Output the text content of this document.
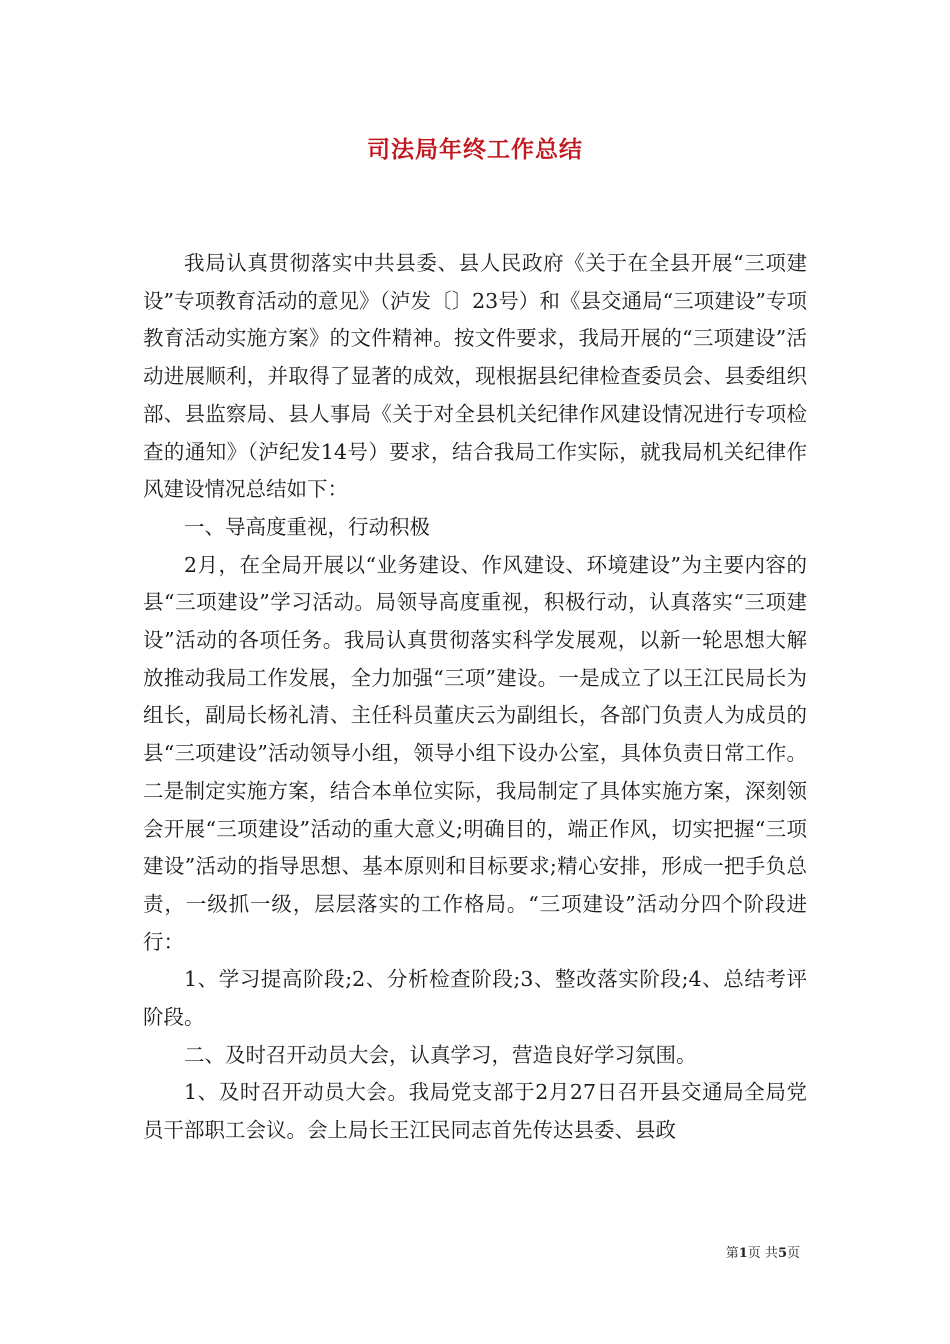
司法局年终工作总结

我局认真贯彻落实中共县委、县人民政府《关于在全县开展“三项建设”专项教育活动的意见》（泸发〔〕23号）和《县交通局“三项建设”专项教育活动实施方案》的文件精神。按文件要求，我局开展的“三项建设”活动进展顺利，并取得了显著的成效，现根据县纪律检查委员会、县委组织部、县监察局、县人事局《关于对全县机关纪律作风建设情况进行专项检查的通知》（泸纪发14号）要求，结合我局工作实际，就我局机关纪律作风建设情况总结如下：

一、导高度重视，行动积极

2月，在全局开展以“业务建设、作风建设、环境建设”为主要内容的县“三项建设”学习活动。局领导高度重视，积极行动，认真落实“三项建设”活动的各项任务。我局认真贯彻落实科学发展观，以新一轮思想大解放推动我局工作发展，全力加强“三项”建设。一是成立了以王江民局长为组长，副局长杨礼清、主任科员董庆云为副组长，各部门负责人为成员的县“三项建设”活动领导小组，领导小组下设办公室，具体负责日常工作。二是制定实施方案，结合本单位实际，我局制定了具体实施方案，深刻领会开展“三项建设”活动的重大意义;明确目的，端正作风，切实把握“三项建设”活动的指导思想、基本原则和目标要求;精心安排，形成一把手负总责，一级抓一级，层层落实的工作格局。“三项建设”活动分四个阶段进行：

1、学习提高阶段;2、分析检查阶段;3、整改落实阶段;4、总结考评阶段。

二、及时召开动员大会，认真学习，营造良好学习氛围。

1、及时召开动员大会。我局党支部于2月27日召开县交通局全局党员干部职工会议。会上局长王江民同志首先传达县委、县政

第1页 共5页
